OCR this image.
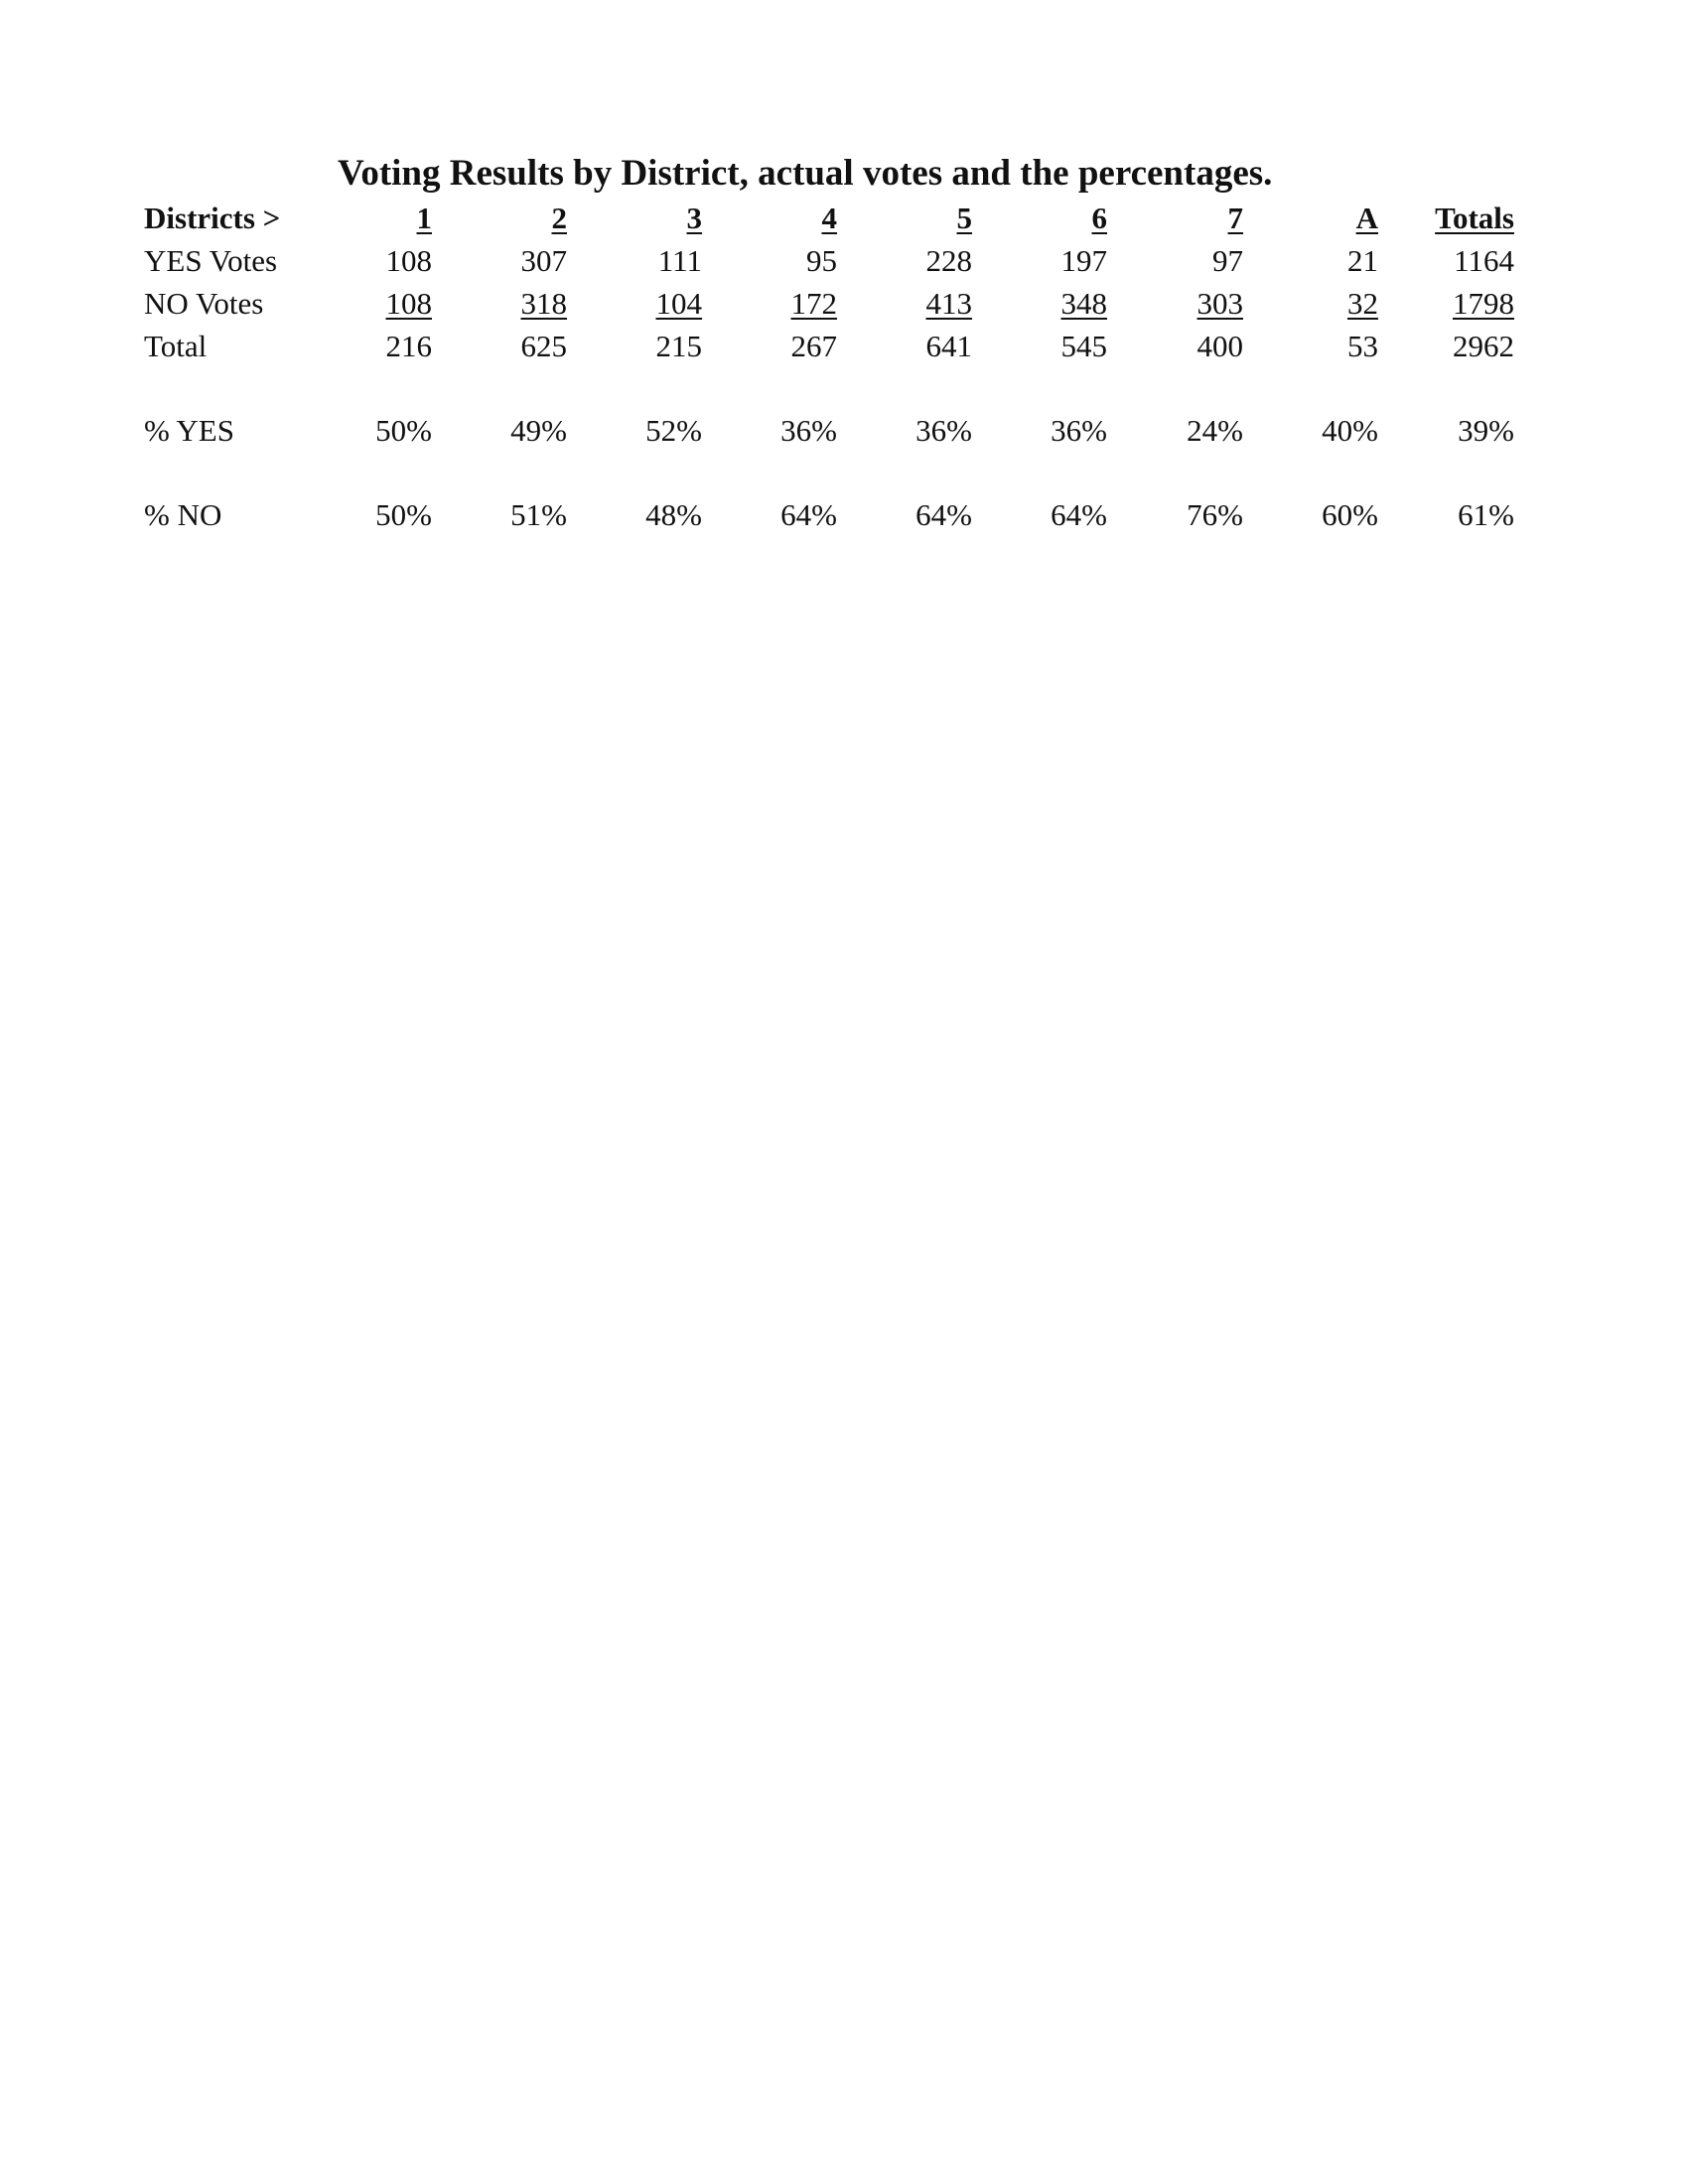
Voting Results by District, actual votes and the percentages.
Districts >	1	2	3	4	5	6	7	A	Totals
YES Votes	108	307	111	95	228	197	97	21	1164
NO Votes	108	318	104	172	413	348	303	32	1798
Total	216	625	215	267	641	545	400	53	2962
% YES	50%	49%	52%	36%	36%	36%	24%	40%	39%
% NO	50%	51%	48%	64%	64%	64%	76%	60%	61%
